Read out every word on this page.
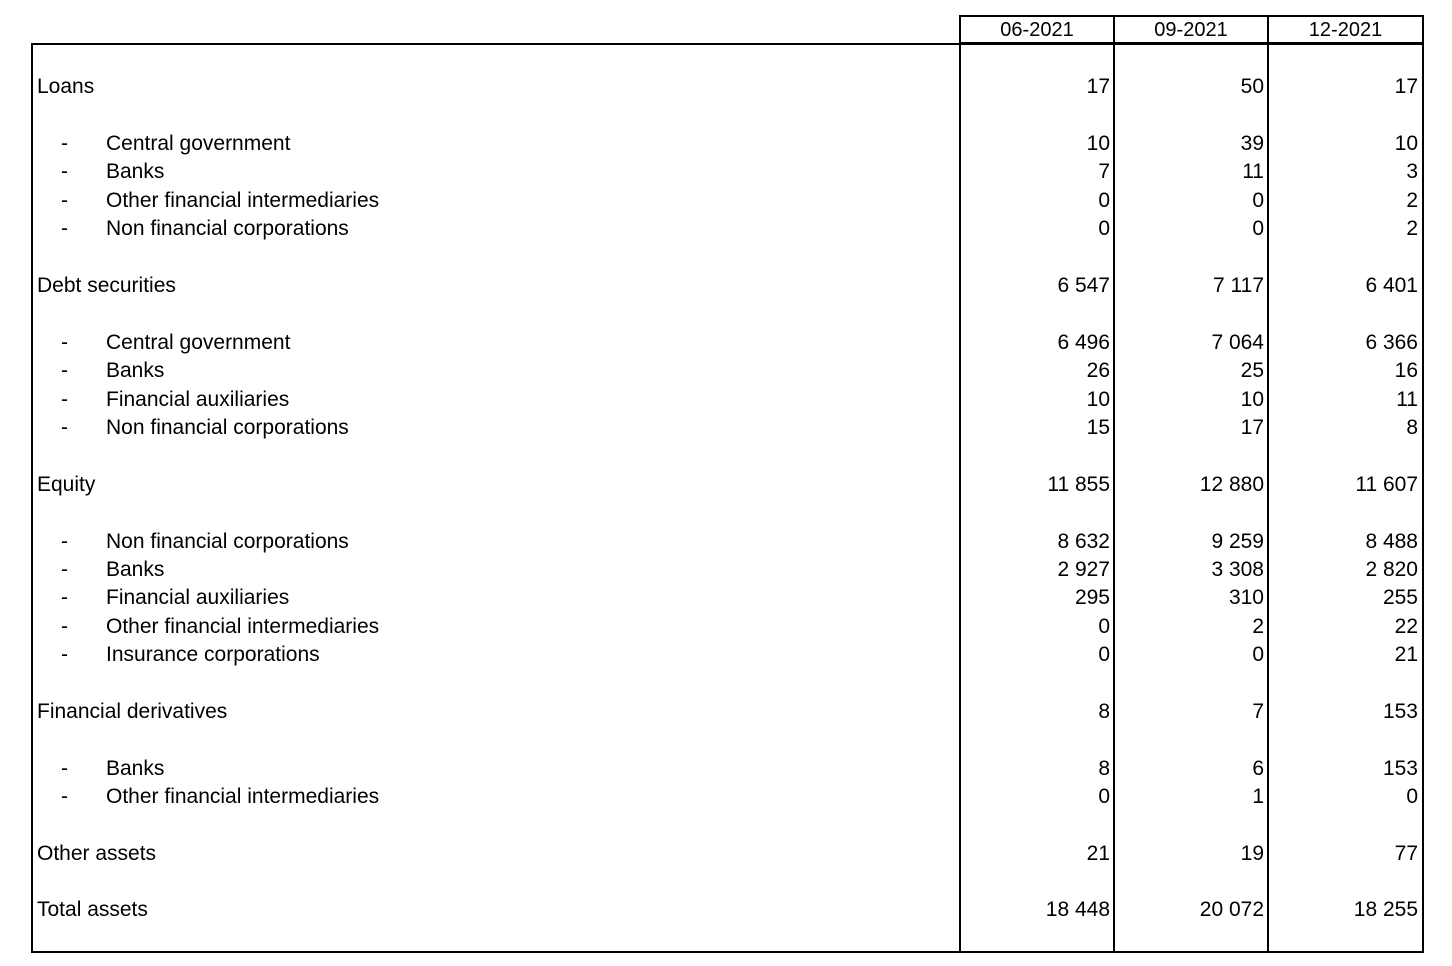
06-2021	09-2021	12-2021
Loans	17	50	17
- Central government	10	39	10
- Banks	7	11	3
- Other financial intermediaries	0	0	2
- Non financial corporations	0	0	2
Debt securities	6 547	7 117	6 401
- Central government	6 496	7 064	6 366
- Banks	26	25	16
- Financial auxiliaries	10	10	11
- Non financial corporations	15	17	8
Equity	11 855	12 880	11 607
- Non financial corporations	8 632	9 259	8 488
- Banks	2 927	3 308	2 820
- Financial auxiliaries	295	310	255
- Other financial intermediaries	0	2	22
- Insurance corporations	0	0	21
Financial derivatives	8	7	153
- Banks	8	6	153
- Other financial intermediaries	0	1	0
Other assets	21	19	77
Total assets	18 448	20 072	18 255
